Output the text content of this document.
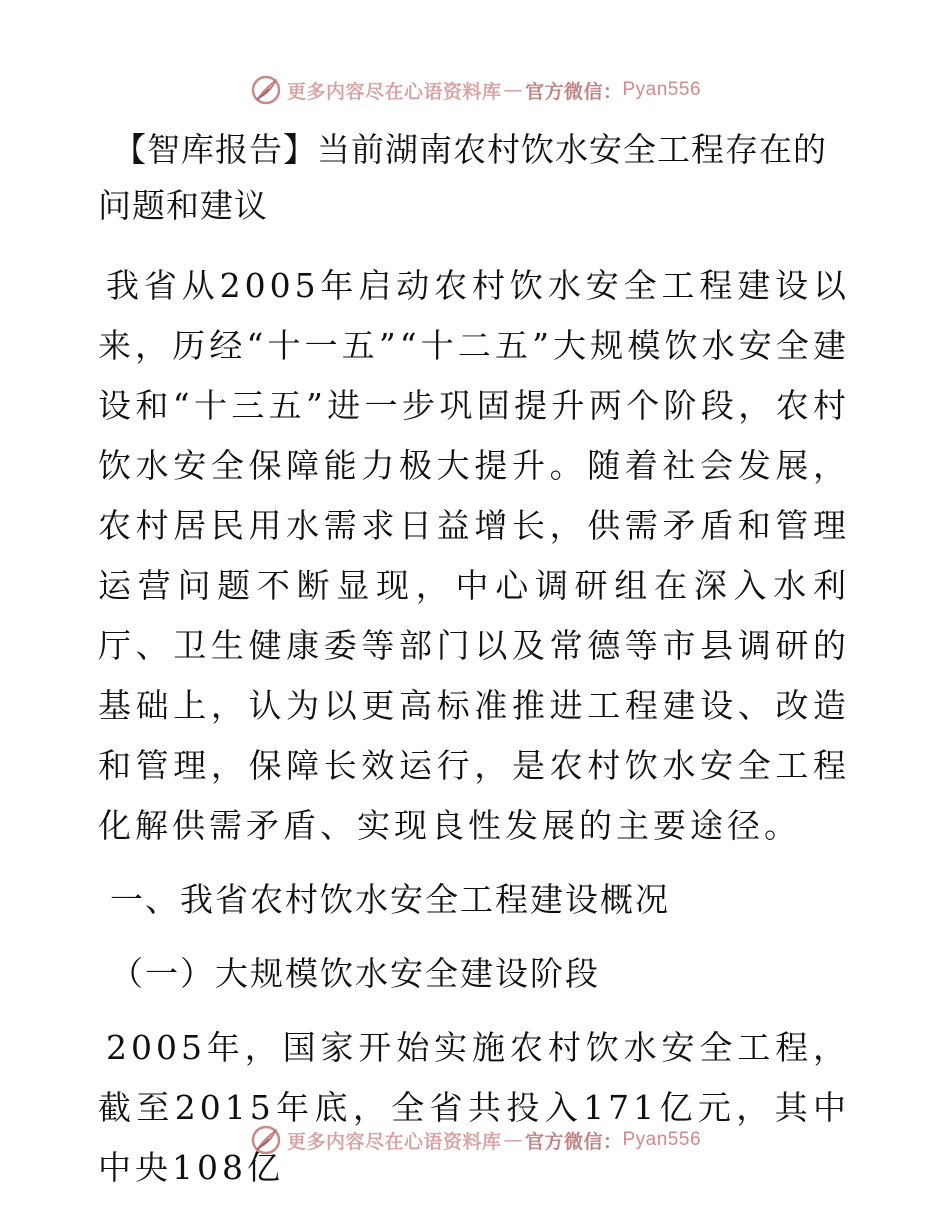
更多内容尽在心语资料库 — 官方微信： Pyan556
【智库报告】当前湖南农村饮水安全工程存在的问题和建议

我省从2005年启动农村饮水安全工程建设以来，历经“十一五”“十二五”大规模饮水安全建设和“十三五”进一步巩固提升两个阶段，农村饮水安全保障能力极大提升。随着社会发展，农村居民用水需求日益增长，供需矛盾和管理运营问题不断显现，中心调研组在深入水利厅、卫生健康委等部门以及常德等市县调研的基础上，认为以更高标准推进工程建设、改造和管理，保障长效运行，是农村饮水安全工程化解供需矛盾、实现良性发展的主要途径。

一、我省农村饮水安全工程建设概况

（一）大规模饮水安全建设阶段

2005年，国家开始实施农村饮水安全工程，截至2015年底，全省共投入171亿元，其中中央108亿

更多内容尽在心语资料库 — 官方微信： Pyan556
